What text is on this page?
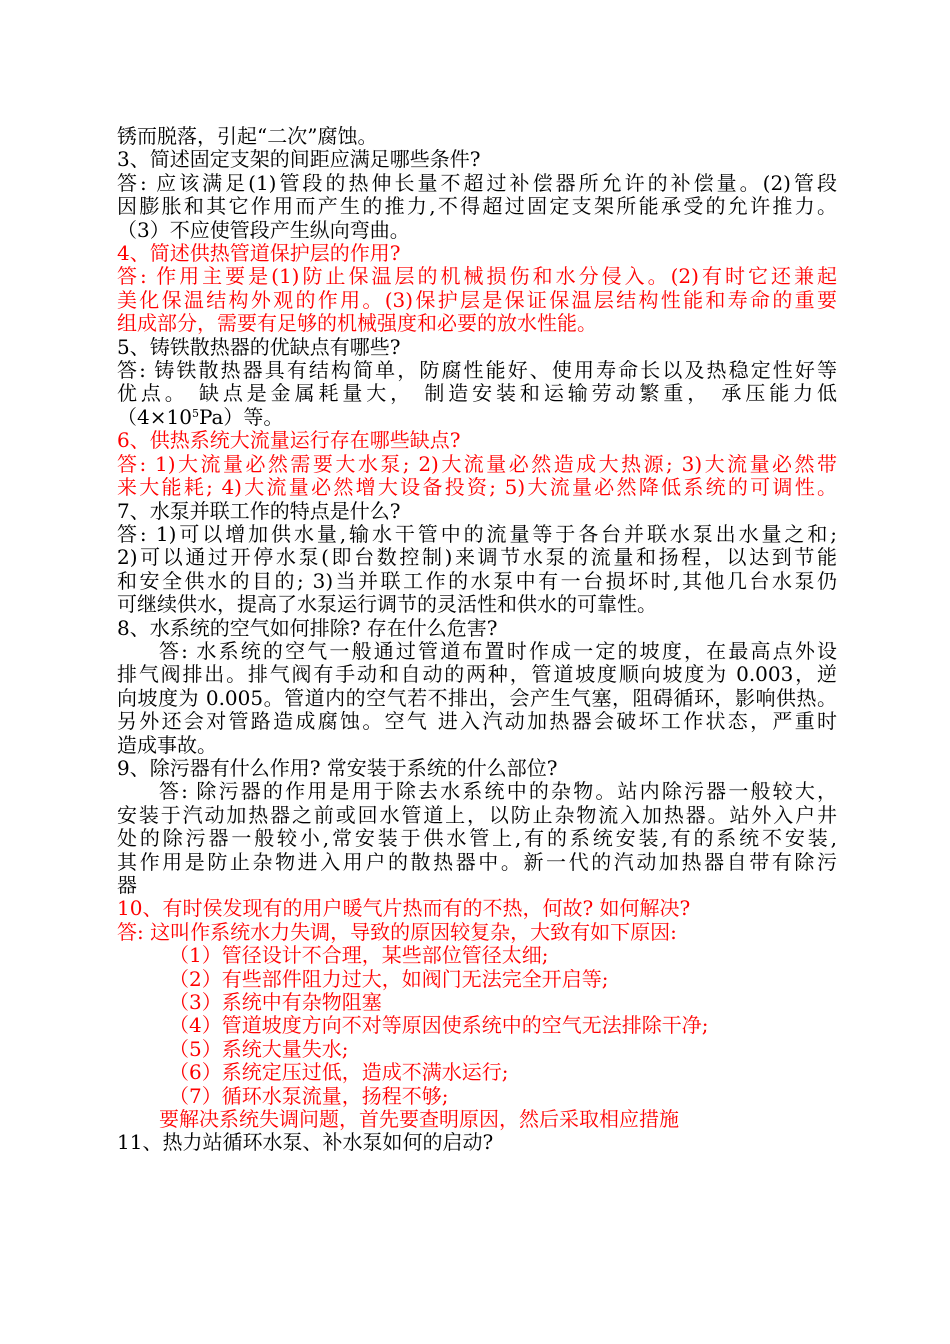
锈而脱落，引起“二次”腐蚀。

3、简述固定支架的间距应满足哪些条件?

答: 应该满足(1)管段的热伸长量不超过补偿器所允许的补偿量。(2)管段

因膨胀和其它作用而产生的推力,不得超过固定支架所能承受的允许推力。

（3）不应使管段产生纵向弯曲。

4、简述供热管道保护层的作用?

答: 作用主要是(1)防止保温层的机械损伤和水分侵入。(2)有时它还兼起

美化保温结构外观的作用。(3)保护层是保证保温层结构性能和寿命的重要

组成部分，需要有足够的机械强度和必要的放水性能。

5、铸铁散热器的优缺点有哪些?

答: 铸铁散热器具有结构简单，防腐性能好、使用寿命长以及热稳定性好等

优点。 缺点是金属耗量大， 制造安装和运输劳动繁重， 承压能力低

$(4\times 10^5Pa)$等。

6、供热系统大流量运行存在哪些缺点?

答: 1)大流量必然需要大水泵; 2)大流量必然造成大热源; 3)大流量必然带

来大能耗; 4)大流量必然增大设备投资; 5)大流量必然降低系统的可调性。

7、水泵并联工作的特点是什么?

答: 1)可以增加供水量,输水干管中的流量等于各台并联水泵出水量之和;

2)可以通过开停水泵(即台数控制)来调节水泵的流量和扬程，以达到节能

和安全供水的目的; 3)当并联工作的水泵中有一台损坏时,其他几台水泵仍

可继续供水，提高了水泵运行调节的灵活性和供水的可靠性。

8、水系统的空气如何排除? 存在什么危害?

答: 水系统的空气一般通过管道布置时作成一定的坡度，在最高点外设

排气阀排出。排气阀有手动和自动的两种，管道坡度顺向坡度为 0.003，逆

向坡度为 0.005。管道内的空气若不排出，会产生气塞，阻碍循环，影响供热。

另外还会对管路造成腐蚀。空气 进入汽动加热器会破坏工作状态，严重时

造成事故。

9、除污器有什么作用? 常安装于系统的什么部位?

答: 除污器的作用是用于除去水系统中的杂物。站内除污器一般较大，

安装于汽动加热器之前或回水管道上，以防止杂物流入加热器。站外入户井

处的除污器一般较小,常安装于供水管上,有的系统安装,有的系统不安装,

其作用是防止杂物进入用户的散热器中。新一代的汽动加热器自带有除污

器

10、有时侯发现有的用户暖气片热而有的不热，何故? 如何解决?

答: 这叫作系统水力失调，导致的原因较复杂，大致有如下原因:

（1）管径设计不合理，某些部位管径太细;

（2）有些部件阻力过大，如阀门无法完全开启等;

（3）系统中有杂物阻塞

（4）管道坡度方向不对等原因使系统中的空气无法排除干净;

（5）系统大量失水;

（6）系统定压过低，造成不满水运行;

（7）循环水泵流量，扬程不够;

要解决系统失调问题，首先要查明原因，然后采取相应措施

11、热力站循环水泵、补水泵如何的启动?
